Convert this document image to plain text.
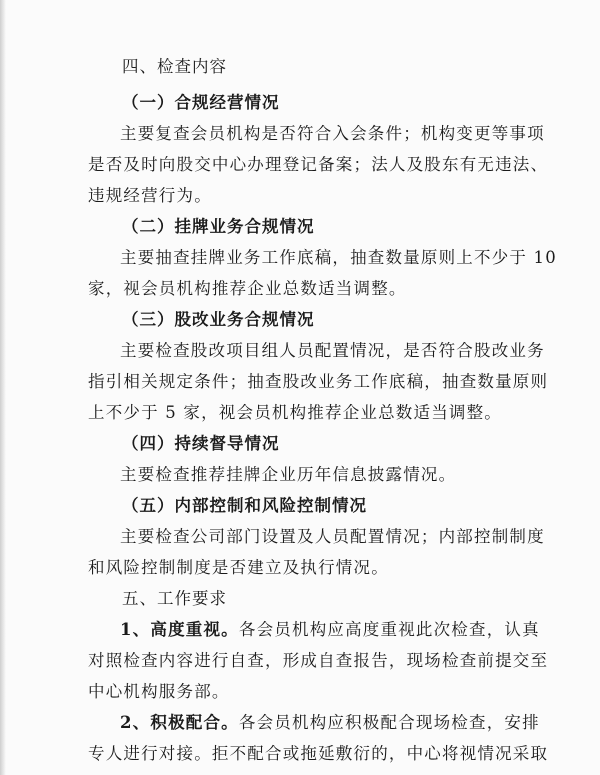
四、检查内容
（一）合规经营情况
主要复查会员机构是否符合入会条件；机构变更等事项
是否及时向股交中心办理登记备案；法人及股东有无违法、
违规经营行为。
（二）挂牌业务合规情况
主要抽查挂牌业务工作底稿，抽查数量原则上不少于 10
家，视会员机构推荐企业总数适当调整。
（三）股改业务合规情况
主要检查股改项目组人员配置情况，是否符合股改业务
指引相关规定条件；抽查股改业务工作底稿，抽查数量原则
上不少于 5 家，视会员机构推荐企业总数适当调整。
（四）持续督导情况
主要检查推荐挂牌企业历年信息披露情况。
（五）内部控制和风险控制情况
主要检查公司部门设置及人员配置情况；内部控制制度
和风险控制制度是否建立及执行情况。
五、工作要求
1、高度重视。各会员机构应高度重视此次检查，认真
对照检查内容进行自查，形成自查报告，现场检查前提交至
中心机构服务部。
2、积极配合。各会员机构应积极配合现场检查，安排
专人进行对接。拒不配合或拖延敷衍的，中心将视情况采取
